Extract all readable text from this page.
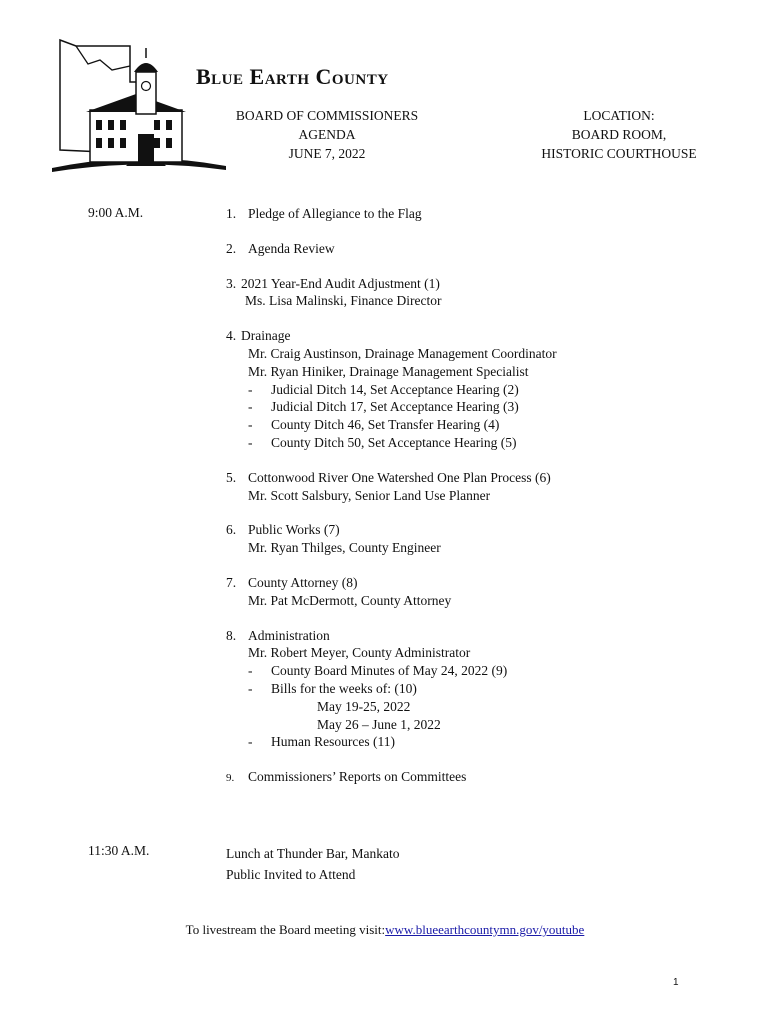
Blue Earth County
BOARD OF COMMISSIONERS
AGENDA
JUNE 7, 2022
LOCATION:
BOARD ROOM,
HISTORIC COURTHOUSE
9:00 A.M.	1. Pledge of Allegiance to the Flag
2. Agenda Review
3. 2021 Year-End Audit Adjustment (1)
Ms. Lisa Malinski, Finance Director
4. Drainage
Mr. Craig Austinson, Drainage Management Coordinator
Mr. Ryan Hiniker, Drainage Management Specialist
- Judicial Ditch 14, Set Acceptance Hearing (2)
- Judicial Ditch 17, Set Acceptance Hearing (3)
- County Ditch 46, Set Transfer Hearing (4)
- County Ditch 50, Set Acceptance Hearing (5)
5. Cottonwood River One Watershed One Plan Process (6)
Mr. Scott Salsbury, Senior Land Use Planner
6. Public Works (7)
Mr. Ryan Thilges, County Engineer
7. County Attorney (8)
Mr. Pat McDermott, County Attorney
8. Administration
Mr. Robert Meyer, County Administrator
- County Board Minutes of May 24, 2022 (9)
- Bills for the weeks of: (10)
May 19-25, 2022
May 26 – June 1, 2022
- Human Resources (11)
9. Commissioners’ Reports on Committees
11:30 A.M.	Lunch at Thunder Bar, Mankato
Public Invited to Attend
To livestream the Board meeting visit:www.blueearthcountymn.gov/youtube
1
